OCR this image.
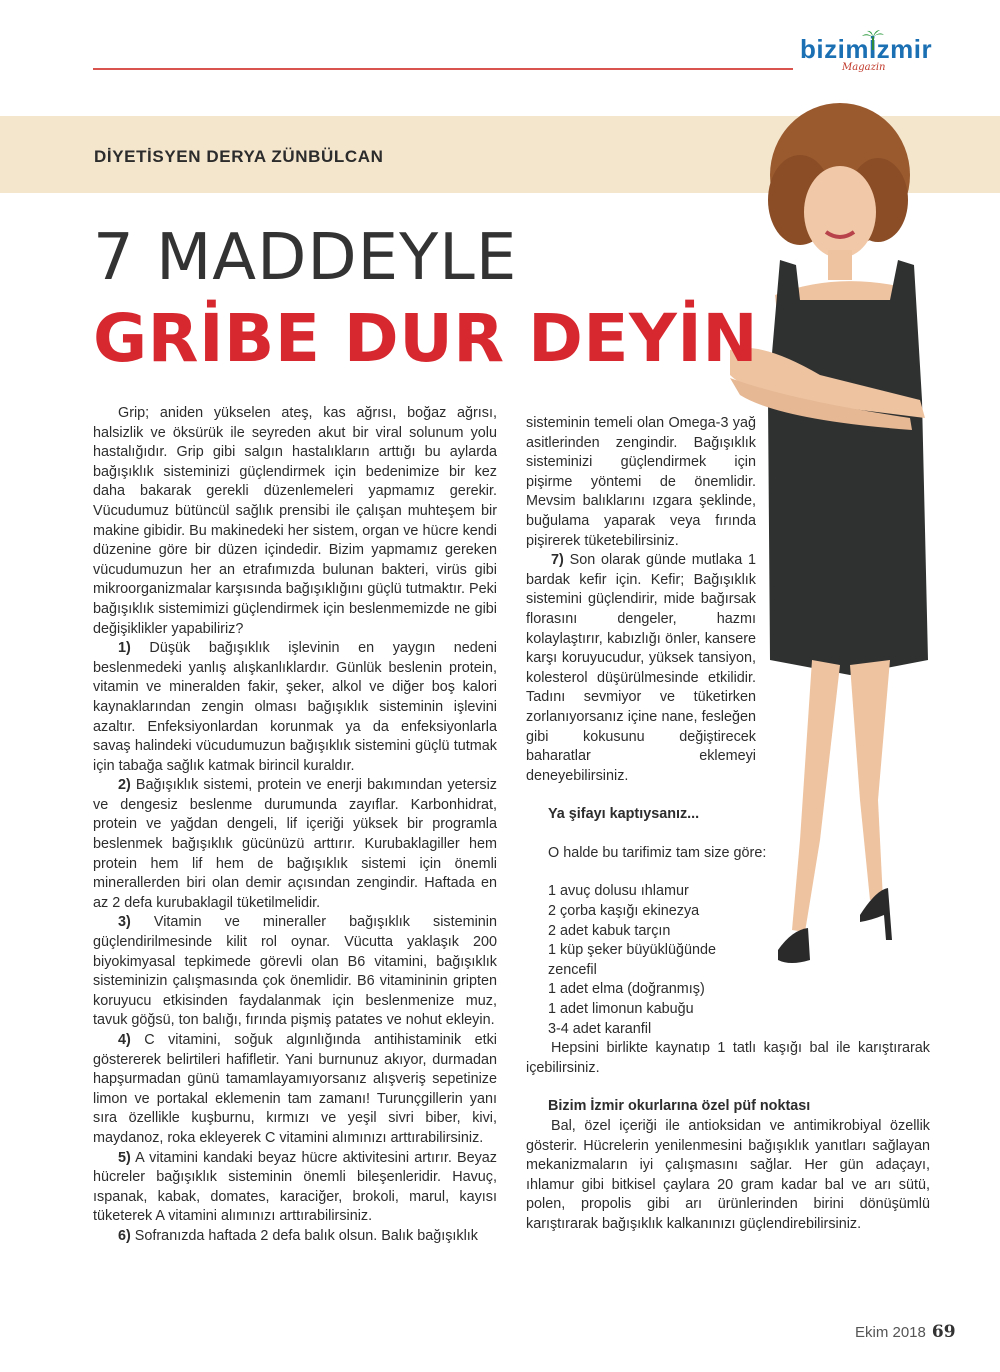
bizimİzmir
Magazin
DİYETİSYEN DERYA ZÜNBÜLCAN
7 MADDEYLE
GRİBE DUR DEYİN

Grip; aniden yükselen ateş, kas ağrısı, boğaz ağrısı, halsizlik ve öksürük ile seyreden akut bir viral solunum yolu hastalığıdır. Grip gibi salgın hastalıkların arttığı bu aylarda bağışıklık sisteminizi güçlendirmek için bedenimize bir kez daha bakarak gerekli düzenlemeleri yapmamız gerekir. Vücudumuz bütüncül sağlık prensibi ile çalışan muhteşem bir makine gibidir. Bu makinedeki her sistem, organ ve hücre kendi düzenine göre bir düzen içindedir. Bizim yapmamız gereken vücudumuzun her an etrafımızda bulunan bakteri, virüs gibi mikroorganizmalar karşısında bağışıklığını güçlü tutmaktır. Peki bağışıklık sistemimizi güçlendirmek için beslenmemizde ne gibi değişiklikler yapabiliriz?

1) Düşük bağışıklık işlevinin en yaygın nedeni beslenmedeki yanlış alışkanlıklardır. Günlük beslenin protein, vitamin ve mineralden fakir, şeker, alkol ve diğer boş kalori kaynaklarından zengin olması bağışıklık sisteminin işlevini azaltır. Enfeksiyonlardan korunmak ya da enfeksiyonlarla savaş halindeki vücudumuzun bağışıklık sistemini güçlü tutmak için tabağa sağlık katmak birincil kuraldır.

2) Bağışıklık sistemi, protein ve enerji bakımından yetersiz ve dengesiz beslenme durumunda zayıflar. Karbonhidrat, protein ve yağdan dengeli, lif içeriği yüksek bir programla beslenmek bağışıklık gücünüzü arttırır. Kurubaklagiller hem protein hem lif hem de bağışıklık sistemi için önemli minerallerden biri olan demir açısından zengindir. Haftada en az 2 defa kurubaklagil tüketilmelidir.

3) Vitamin ve mineraller bağışıklık sisteminin güçlendirilmesinde kilit rol oynar. Vücutta yaklaşık 200 biyokimyasal tepkimede görevli olan B6 vitamini, bağışıklık sisteminizin çalışmasında çok önemlidir. B6 vitamininin gripten koruyucu etkisinden faydalanmak için beslenmenize muz, tavuk göğsü, ton balığı, fırında pişmiş patates ve nohut ekleyin.

4) C vitamini, soğuk algınlığında antihistaminik etki göstererek belirtileri hafifletir. Yani burnunuz akıyor, durmadan hapşurmadan günü tamamlayamıyorsanız alışveriş sepetinize limon ve portakal eklemenin tam zamanı! Turunçgillerin yanı sıra özellikle kuşburnu, kırmızı ve yeşil sivri biber, kivi, maydanoz, roka ekleyerek C vitamini alımınızı arttırabilirsiniz.

5) A vitamini kandaki beyaz hücre aktivitesini artırır. Beyaz hücreler bağışıklık sisteminin önemli bileşenleridir. Havuç, ıspanak, kabak, domates, karaciğer, brokoli, marul, kayısı tüketerek A vitamini alımınızı arttırabilirsiniz.

6) Sofranızda haftada 2 defa balık olsun. Balık bağışıklık

sisteminin temeli olan Omega-3 yağ asitlerinden zengindir. Bağışıklık sisteminizi güçlendirmek için pişirme yöntemi de önemlidir. Mevsim balıklarını ızgara şeklinde, buğulama yaparak veya fırında pişirerek tüketebilirsiniz.

7) Son olarak günde mutlaka 1 bardak kefir için. Kefir; Bağışıklık sistemini güçlendirir, mide bağırsak florasını dengeler, hazmı kolaylaştırır, kabızlığı önler, kansere karşı koruyucudur, yüksek tansiyon, kolesterol düşürülmesinde etkilidir. Tadını sevmiyor ve tüketirken zorlanıyorsanız içine nane, fesleğen gibi kokusunu değiştirecek baharatlar eklemeyi deneyebilirsiniz.

Ya şifayı kaptıysanız...

O halde bu tarifimiz tam size göre:

1 avuç dolusu ıhlamur
2 çorba kaşığı ekinezya
2 adet kabuk tarçın
1 küp şeker büyüklüğünde
zencefil
1 adet elma (doğranmış)
1 adet limonun kabuğu
3-4 adet karanfil

Hepsini birlikte kaynatıp 1 tatlı kaşığı bal ile karıştırarak içebilirsiniz.

Bizim İzmir okurlarına özel püf noktası

Bal, özel içeriği ile antioksidan ve antimikrobiyal özellik gösterir. Hücrelerin yenilenmesini bağışıklık yanıtları sağlayan mekanizmaların iyi çalışmasını sağlar. Her gün adaçayı, ıhlamur gibi bitkisel çaylara 20 gram kadar bal ve arı sütü, polen, propolis gibi arı ürünlerinden birini dönüşümlü karıştırarak bağışıklık kalkanınızı güçlendirebilirsiniz.

Ekim 2018 69
